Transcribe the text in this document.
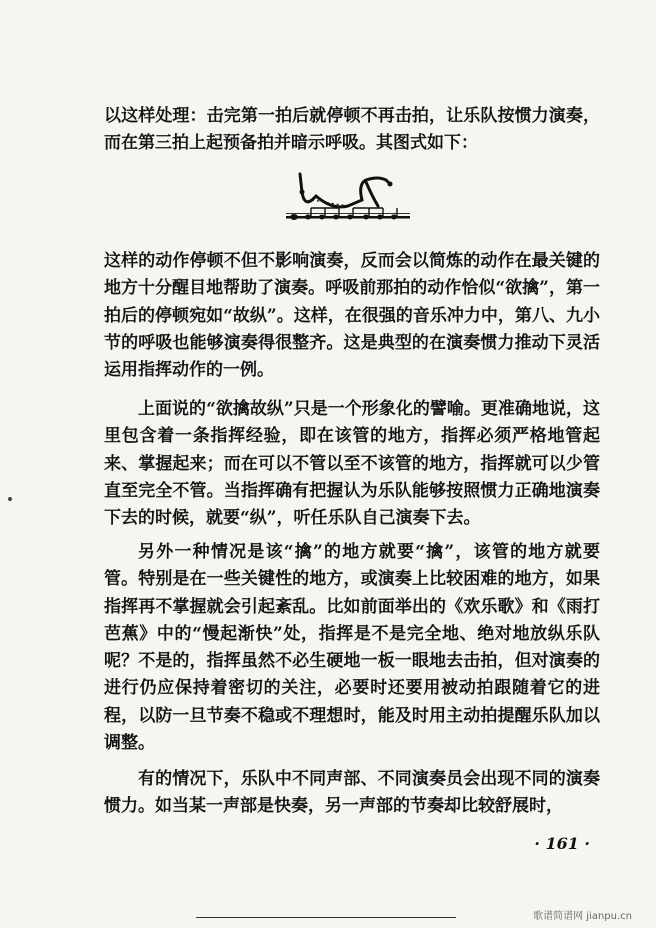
以这样处理：击完第一拍后就停顿不再击拍，让乐队按惯力演奏，而在第三拍上起预备拍并暗示呼吸。其图式如下：

这样的动作停顿不但不影响演奏，反而会以简炼的动作在最关键的地方十分醒目地帮助了演奏。呼吸前那拍的动作恰似“欲擒”，第一拍后的停顿宛如“故纵”。这样，在很强的音乐冲力中，第八、九小节的呼吸也能够演奏得很整齐。这是典型的在演奏惯力推动下灵活运用指挥动作的一例。

上面说的“欲擒故纵”只是一个形象化的譬喻。更准确地说，这里包含着一条指挥经验，即在该管的地方，指挥必须严格地管起来、掌握起来；而在可以不管以至不该管的地方，指挥就可以少管直至完全不管。当指挥确有把握认为乐队能够按照惯力正确地演奏下去的时候，就要“纵”，听任乐队自己演奏下去。

另外一种情况是该“擒”的地方就要“擒”，该管的地方就要管。特别是在一些关键性的地方，或演奏上比较困难的地方，如果指挥再不掌握就会引起紊乱。比如前面举出的《欢乐歌》和《雨打芭蕉》中的“慢起渐快”处，指挥是不是完全地、绝对地放纵乐队呢？不是的，指挥虽然不必生硬地一板一眼地去击拍，但对演奏的进行仍应保持着密切的关注，必要时还要用被动拍跟随着它的进程，以防一旦节奏不稳或不理想时，能及时用主动拍提醒乐队加以调整。

有的情况下，乐队中不同声部、不同演奏员会出现不同的演奏惯力。如当某一声部是快奏，另一声部的节奏却比较舒展时，

· 161 ·
歌谱简谱网 jianpu.cn
